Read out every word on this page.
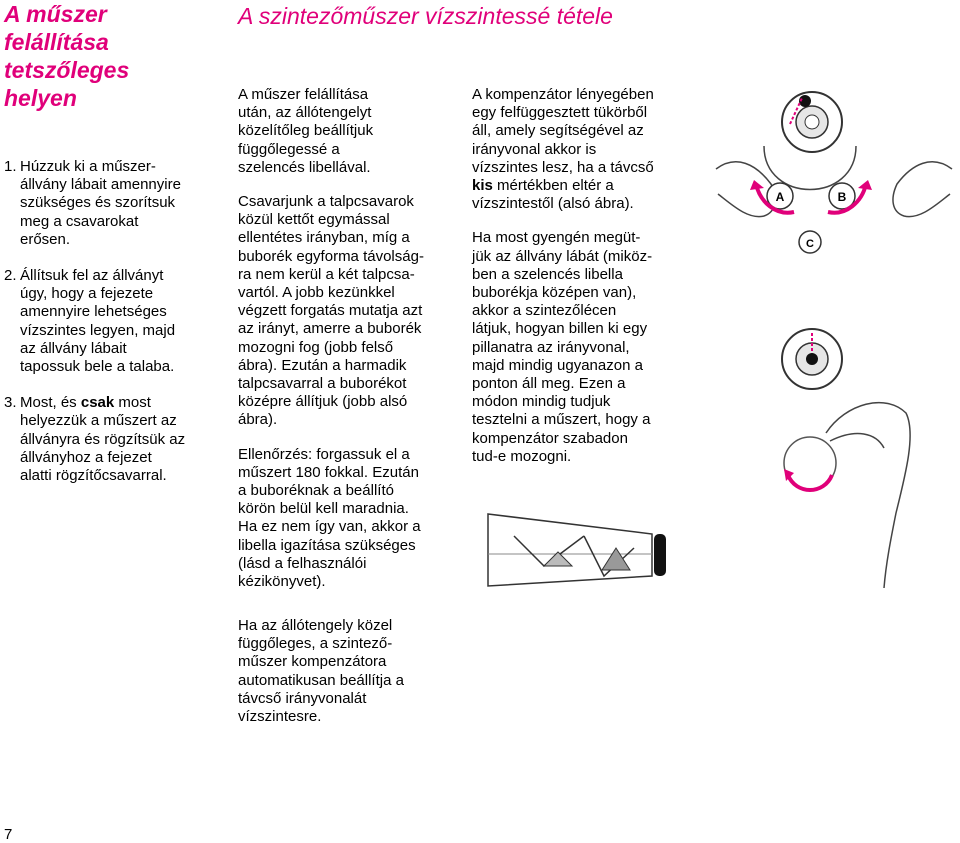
A műszer
felállítása
tetszőleges
helyen
1. Húzzuk ki a műszer-
állvány lábait amennyire
szükséges és szorítsuk
meg a csavarokat
erősen.
2. Állítsuk fel az állványt
úgy, hogy a fejezete
amennyire lehetséges
vízszintes legyen, majd
az állvány lábait
tapossuk bele a talaba.
3. Most, és csak most
helyezzük a műszert az
állványra és rögzítsük az
állványhoz a fejezet
alatti rögzítőcsavarral.
A szintezőműszer vízszintessé tétele

A műszer felállítása
után, az állótengelyt
közelítőleg beállítjuk
függőlegessé a
szelencés libellával.

Csavarjunk a talpcsavarok
közül kettőt egymással
ellentétes irányban, míg a
buborék egyforma távolság-
ra nem kerül a két talpcsa-
vartól. A jobb kezünkkel
végzett forgatás mutatja azt
az irányt, amerre a buborék
mozogni fog (jobb felső
ábra). Ezután a harmadik
talpcsavarral a buborékot
középre állítjuk (jobb alsó
ábra).

Ellenőrzés: forgassuk el a
műszert 180 fokkal. Ezután
a buboréknak a beállító
körön belül kell maradnia.
Ha ez nem így van, akkor a
libella igazítása szükséges
(lásd a felhasználói
kézikönyvet).

Ha az állótengely közel
függőleges, a szintező-
műszer kompenzátora
automatikusan beállítja a
távcső irányvonalát
vízszintesre.

A kompenzátor lényegében
egy felfüggesztett tükörből
áll, amely segítségével az
irányvonal akkor is
vízszintes lesz, ha a távcső
kis mértékben eltér a
vízszintestől (alsó ábra).

Ha most gyengén megüt-
jük az állvány lábát (miköz-
ben a szelencés libella
buborékja középen van),
akkor a szintezőlécen
látjuk, hogyan billen ki egy
pillanatra az irányvonal,
majd mindig ugyanazon a
ponton áll meg. Ezen a
módon mindig tudjuk
tesztelni a műszert, hogy a
kompenzátor szabadon
tud-e mozogni.

A	B
C
7
